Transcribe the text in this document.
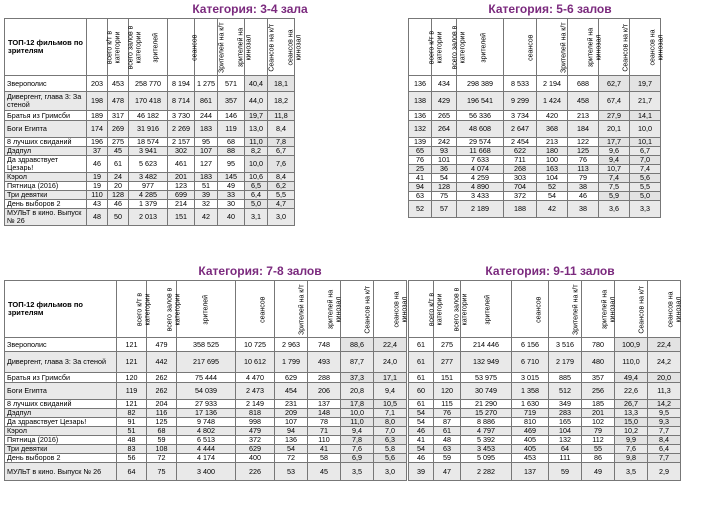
Категория: 3-4 зала
ТОП-12 фильмов по зрителям	всего к/т в категории	всего залов в категории	зрителей	сеансов	Зрителей на к/т	зрителей на кинозал	Сеансов на к/т	сеансов на кинозал
Зверополис	203	453	258 770	8 194	1 275	571	40,4	18,1
Дивергент, глава 3: За стеной	198	478	170 418	8 714	861	357	44,0	18,2
Братья из Гримсби	189	317	46 182	3 730	244	146	19,7	11,8
Боги Египта	174	269	31 916	2 269	183	119	13,0	8,4
8 лучших свиданий	196	275	18 574	2 157	95	68	11,0	7,8
Дэдпул	37	45	3 941	302	107	88	8,2	6,7
Да здравствует Цезарь!	46	61	5 623	461	127	95	10,0	7,6
Кэрол	19	24	3 482	201	183	145	10,6	8,4
Пятница (2016)	19	20	977	123	51	49	6,5	6,2
Три девятки	110	128	4 285	699	39	33	6,4	5,5
День выборов 2	43	46	1 379	214	32	30	5,0	4,7
МУЛЬТ в кино. Выпуск № 26	48	50	2 013	151	42	40	3,1	3,0
Категория: 5-6 залов
всего к/т в категории	всего залов в категории	зрителей	сеансов	Зрителей на к/т	зрителей на кинозал	Сеансов на к/т	сеансов на кинозал
136	434	298 389	8 533	2 194	688	62,7	19,7
138	429	196 541	9 299	1 424	458	67,4	21,7
136	265	56 336	3 734	420	213	27,9	14,1
132	264	48 608	2 647	368	184	20,1	10,0
139	242	29 574	2 454	213	122	17,7	10,1
65	93	11 668	622	180	125	9,6	6,7
76	101	7 633	711	100	76	9,4	7,0
25	36	4 074	268	163	113	10,7	7,4
41	54	4 259	303	104	79	7,4	5,6
94	128	4 890	704	52	38	7,5	5,5
63	75	3 433	372	54	46	5,9	5,0
52	57	2 189	188	42	38	3,6	3,3
Категория: 7-8 залов
ТОП-12 фильмов по зрителям	всего к/т в категории	всего залов в категории	зрителей	сеансов	Зрителей на к/т	зрителей на кинозал	Сеансов на к/т	сеансов на кинозал
Зверополис	121	479	358 525	10 725	2 963	748	88,6	22,4
Дивергент, глава 3: За стеной	121	442	217 695	10 612	1 799	493	87,7	24,0
Братья из Гримсби	120	262	75 444	4 470	629	288	37,3	17,1
Боги Египта	119	262	54 039	2 473	454	206	20,8	9,4
8 лучших свиданий	121	204	27 933	2 149	231	137	17,8	10,5
Дэдпул	82	116	17 136	818	209	148	10,0	7,1
Да здравствует Цезарь!	91	125	9 748	998	107	78	11,0	8,0
Кэрол	51	68	4 802	479	94	71	9,4	7,0
Пятница (2016)	48	59	6 513	372	136	110	7,8	6,3
Три девятки	83	108	4 444	629	54	41	7,6	5,8
День выборов 2	56	72	4 174	400	72	58	6,9	5,6
МУЛЬТ в кино. Выпуск № 26	64	75	3 400	226	53	45	3,5	3,0
Категория: 9-11 залов
всего к/т в категории	всего залов в категории	зрителей	сеансов	Зрителей на к/т	зрителей на кинозал	Сеансов на к/т	сеансов на кинозал
61	275	214 446	6 156	3 516	780	100,9	22,4
61	277	132 949	6 710	2 179	480	110,0	24,2
61	151	53 975	3 015	885	357	49,4	20,0
60	120	30 749	1 358	512	256	22,6	11,3
61	115	21 290	1 630	349	185	26,7	14,2
54	76	15 270	719	283	201	13,3	9,5
54	87	8 886	810	165	102	15,0	9,3
46	61	4 797	469	104	79	10,2	7,7
41	48	5 392	405	132	112	9,9	8,4
54	63	3 453	405	64	55	7,6	6,4
46	59	5 095	453	111	86	9,8	7,7
39	47	2 282	137	59	49	3,5	2,9
